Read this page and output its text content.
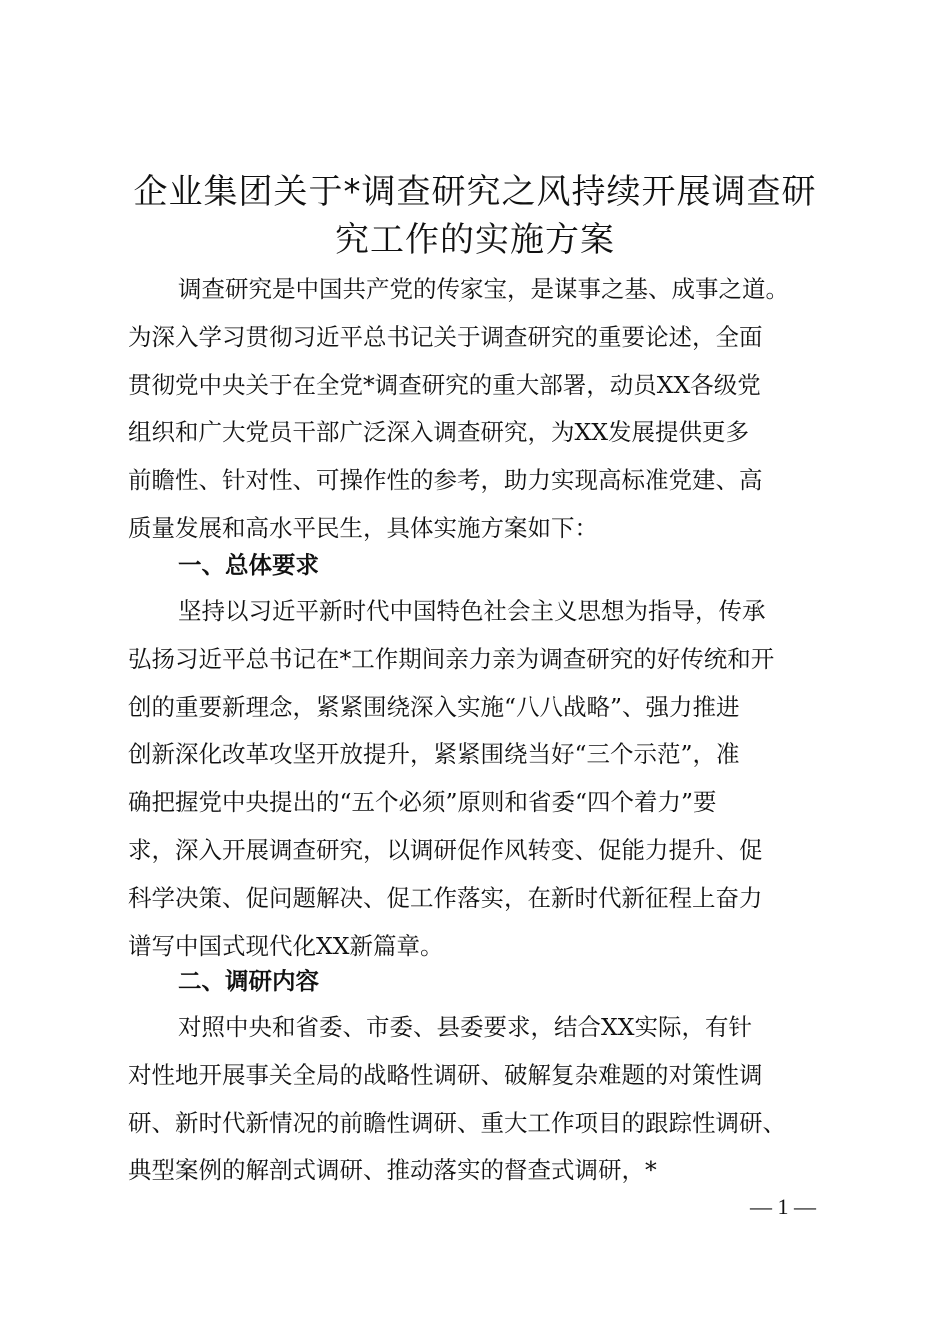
企业集团关于*调查研究之风持续开展调查研
究工作的实施方案
调查研究是中国共产党的传家宝，是谋事之基、成事之道。
为深入学习贯彻习近平总书记关于调查研究的重要论述，全面
贯彻党中央关于在全党*调查研究的重大部署，动员XX各级党
组织和广大党员干部广泛深入调查研究，为XX发展提供更多
前瞻性、针对性、可操作性的参考，助力实现高标准党建、高
质量发展和高水平民生，具体实施方案如下：
一、总体要求
坚持以习近平新时代中国特色社会主义思想为指导，传承
弘扬习近平总书记在*工作期间亲力亲为调查研究的好传统和开
创的重要新理念，紧紧围绕深入实施“八八战略”、强力推进
创新深化改革攻坚开放提升，紧紧围绕当好“三个示范”，准
确把握党中央提出的“五个必须”原则和省委“四个着力”要
求，深入开展调查研究，以调研促作风转变、促能力提升、促
科学决策、促问题解决、促工作落实，在新时代新征程上奋力
谱写中国式现代化XX新篇章。
二、调研内容
对照中央和省委、市委、县委要求，结合XX实际，有针
对性地开展事关全局的战略性调研、破解复杂难题的对策性调
研、新时代新情况的前瞻性调研、重大工作项目的跟踪性调研、
典型案例的解剖式调研、推动落实的督查式调研，*
— 1 —
